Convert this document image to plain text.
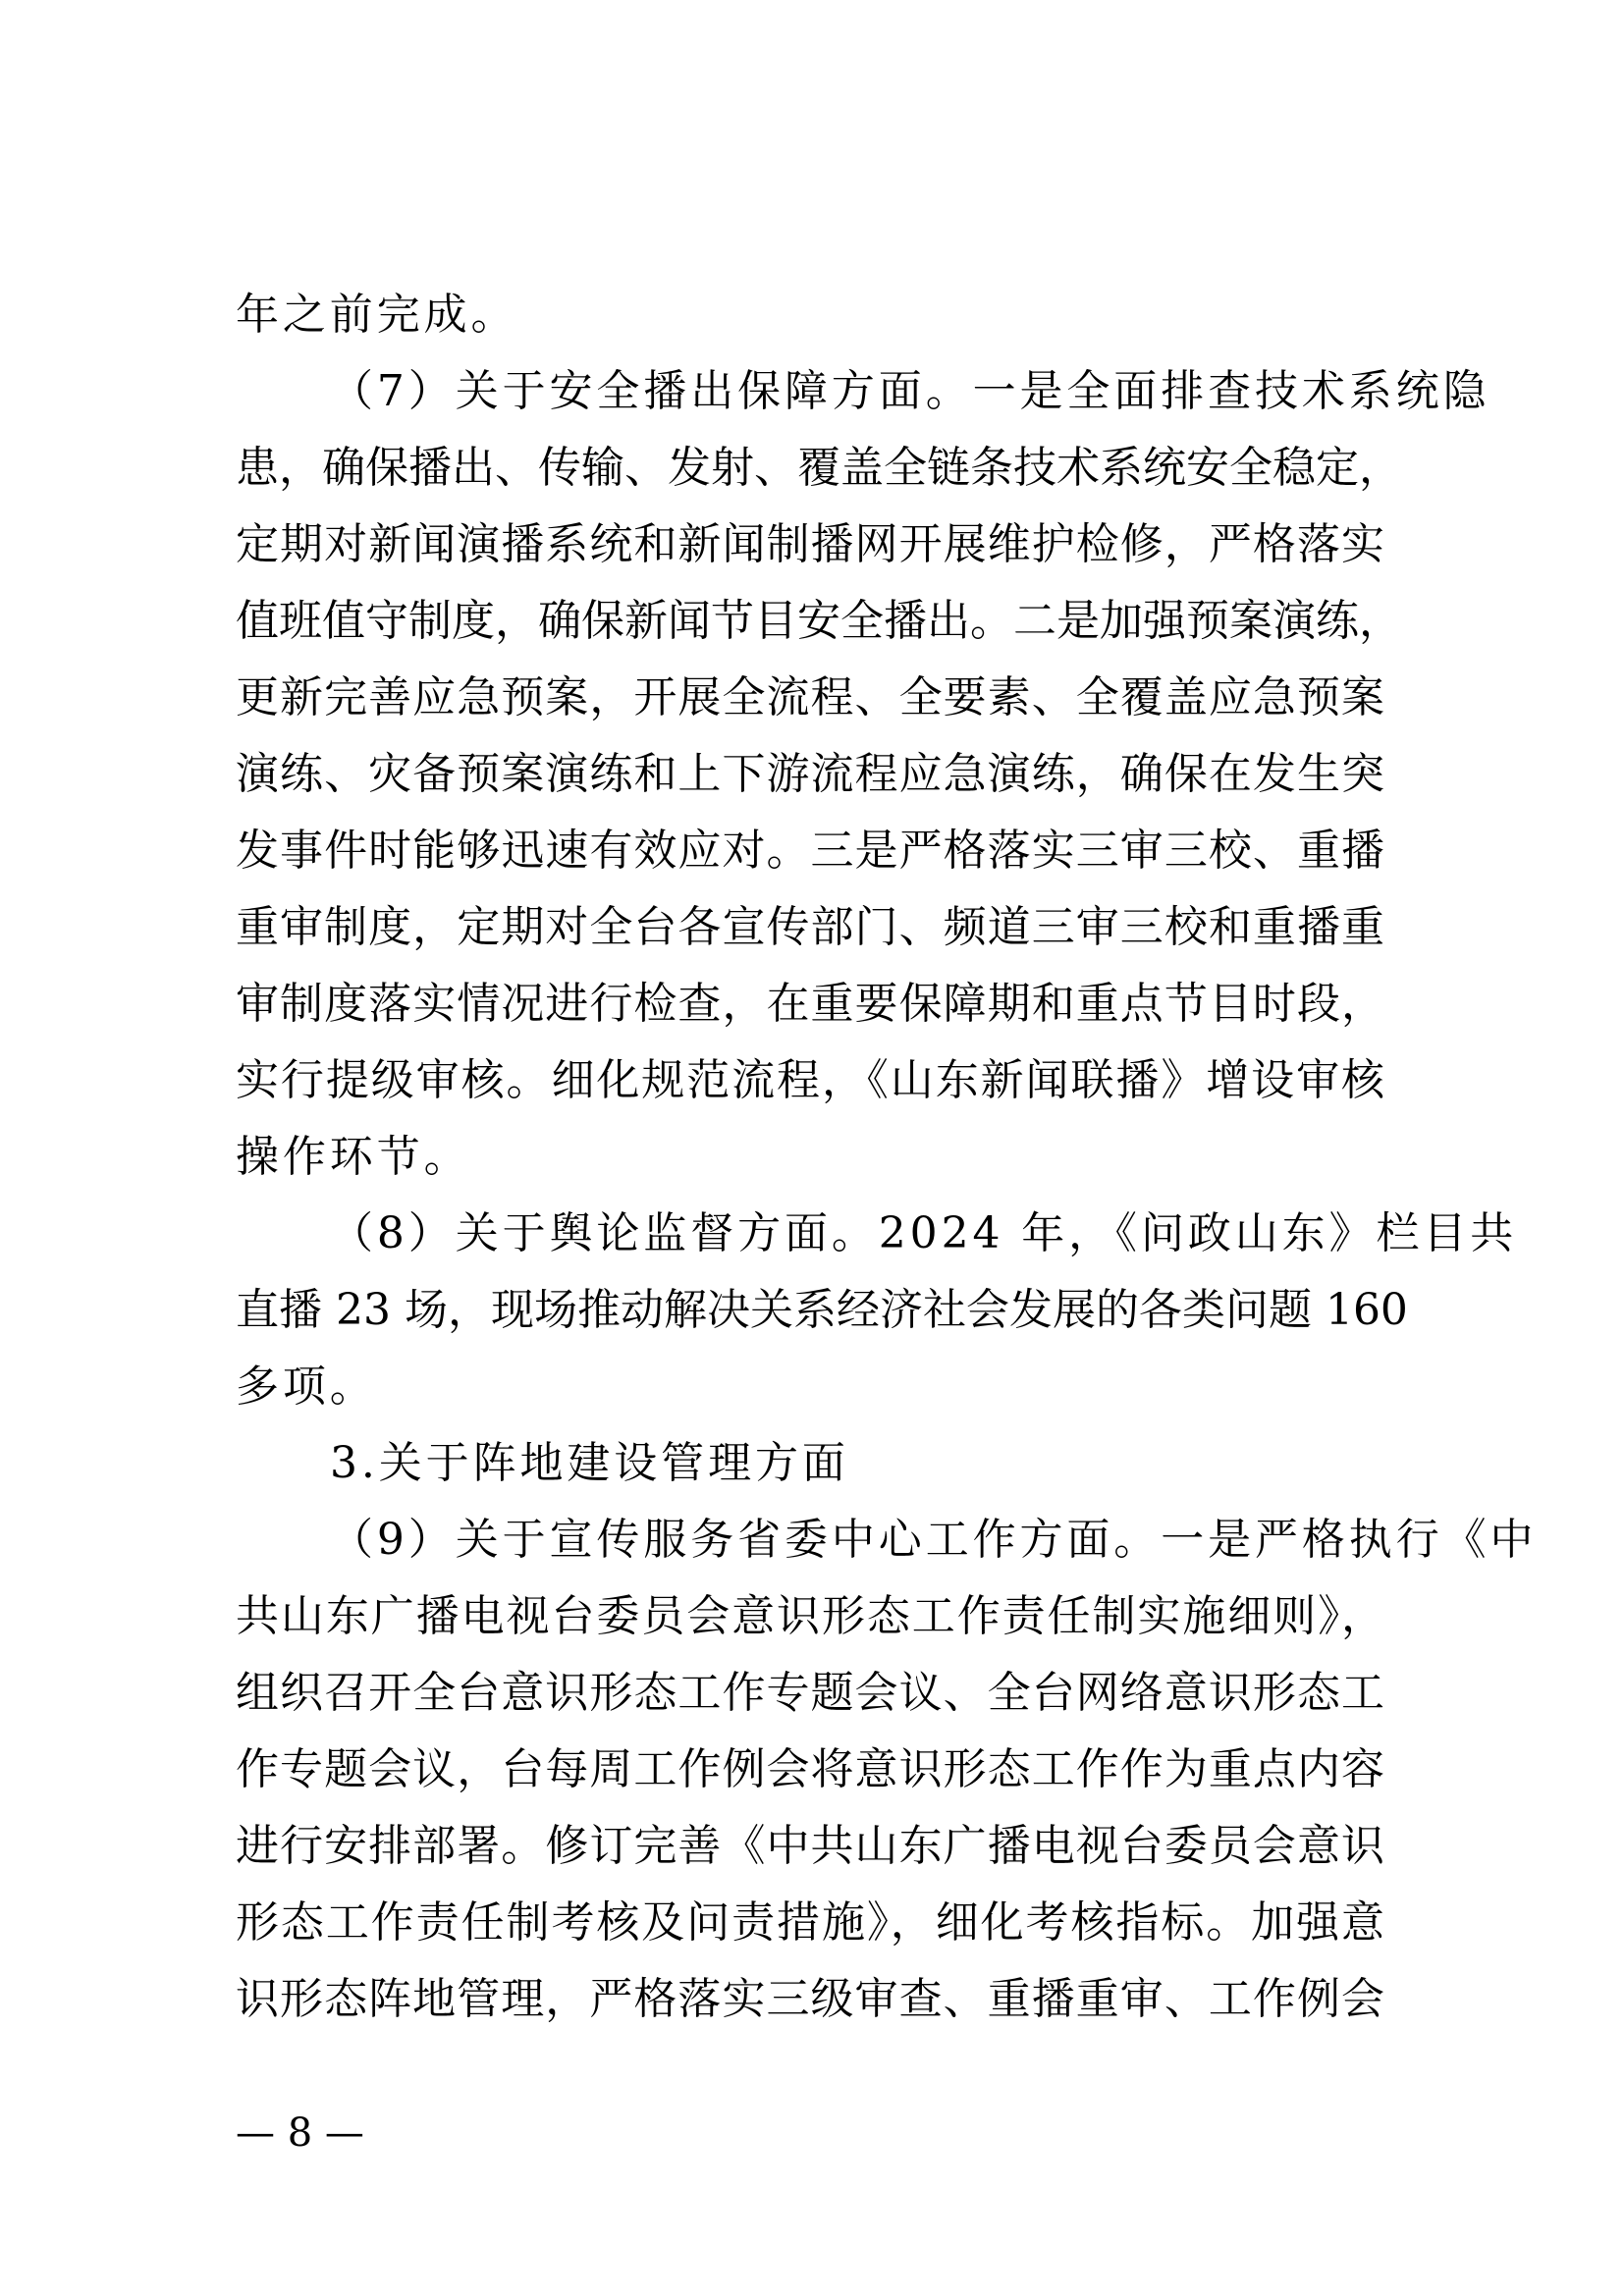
年之前完成。
（7）关于安全播出保障方面。一是全面排查技术系统隐
患，确保播出、传输、发射、覆盖全链条技术系统安全稳定，
定期对新闻演播系统和新闻制播网开展维护检修，严格落实
值班值守制度，确保新闻节目安全播出。二是加强预案演练，
更新完善应急预案，开展全流程、全要素、全覆盖应急预案
演练、灾备预案演练和上下游流程应急演练，确保在发生突
发事件时能够迅速有效应对。三是严格落实三审三校、重播
重审制度，定期对全台各宣传部门、频道三审三校和重播重
审制度落实情况进行检查，在重要保障期和重点节目时段，
实行提级审核。细化规范流程，《山东新闻联播》增设审核
操作环节。
（8）关于舆论监督方面。2024 年，《问政山东》栏目共
直播 23 场，现场推动解决关系经济社会发展的各类问题 160
多项。
3.关于阵地建设管理方面
（9）关于宣传服务省委中心工作方面。一是严格执行《中
共山东广播电视台委员会意识形态工作责任制实施细则》，
组织召开全台意识形态工作专题会议、全台网络意识形态工
作专题会议，台每周工作例会将意识形态工作作为重点内容
进行安排部署。修订完善《中共山东广播电视台委员会意识
形态工作责任制考核及问责措施》，细化考核指标。加强意
识形态阵地管理，严格落实三级审查、重播重审、工作例会
— 8 —
